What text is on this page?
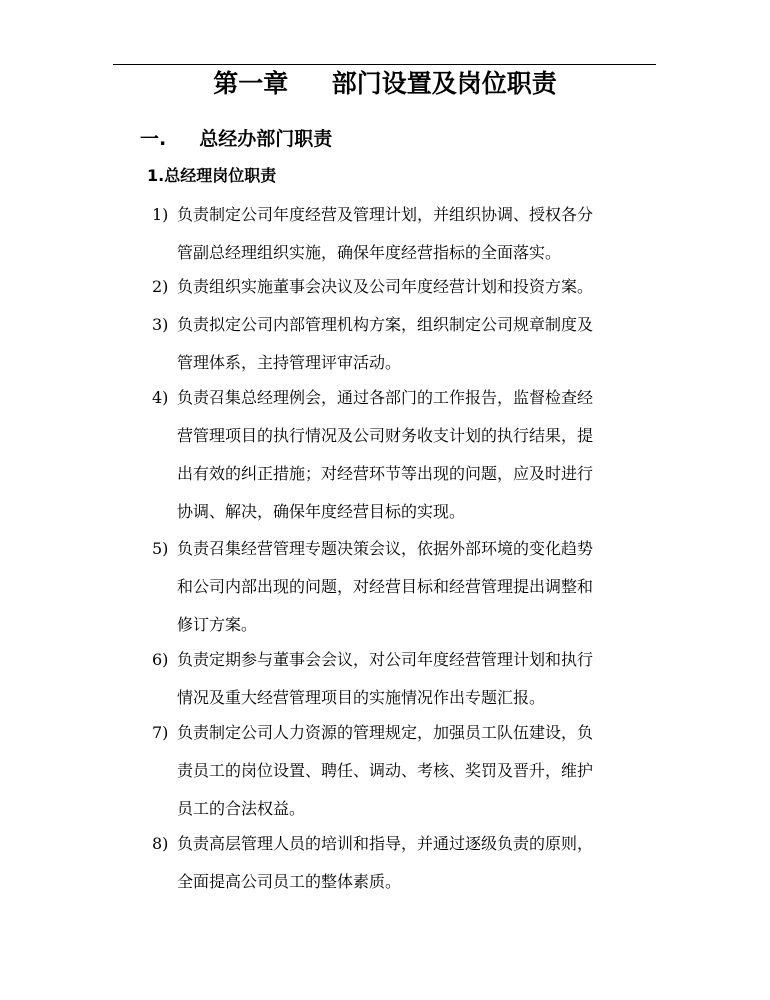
第一章     部门设置及岗位职责
一.     总经办部门职责
1.总经理岗位职责
1) 负责制定公司年度经营及管理计划，并组织协调、授权各分
管副总经理组织实施，确保年度经营指标的全面落实。
2) 负责组织实施董事会决议及公司年度经营计划和投资方案。
3) 负责拟定公司内部管理机构方案，组织制定公司规章制度及
管理体系，主持管理评审活动。
4) 负责召集总经理例会，通过各部门的工作报告，监督检查经
营管理项目的执行情况及公司财务收支计划的执行结果，提
出有效的纠正措施；对经营环节等出现的问题，应及时进行
协调、解决，确保年度经营目标的实现。
5) 负责召集经营管理专题决策会议，依据外部环境的变化趋势
和公司内部出现的问题，对经营目标和经营管理提出调整和
修订方案。
6) 负责定期参与董事会会议，对公司年度经营管理计划和执行
情况及重大经营管理项目的实施情况作出专题汇报。
7) 负责制定公司人力资源的管理规定，加强员工队伍建设，负
责员工的岗位设置、聘任、调动、考核、奖罚及晋升，维护
员工的合法权益。
8) 负责高层管理人员的培训和指导，并通过逐级负责的原则，
全面提高公司员工的整体素质。
